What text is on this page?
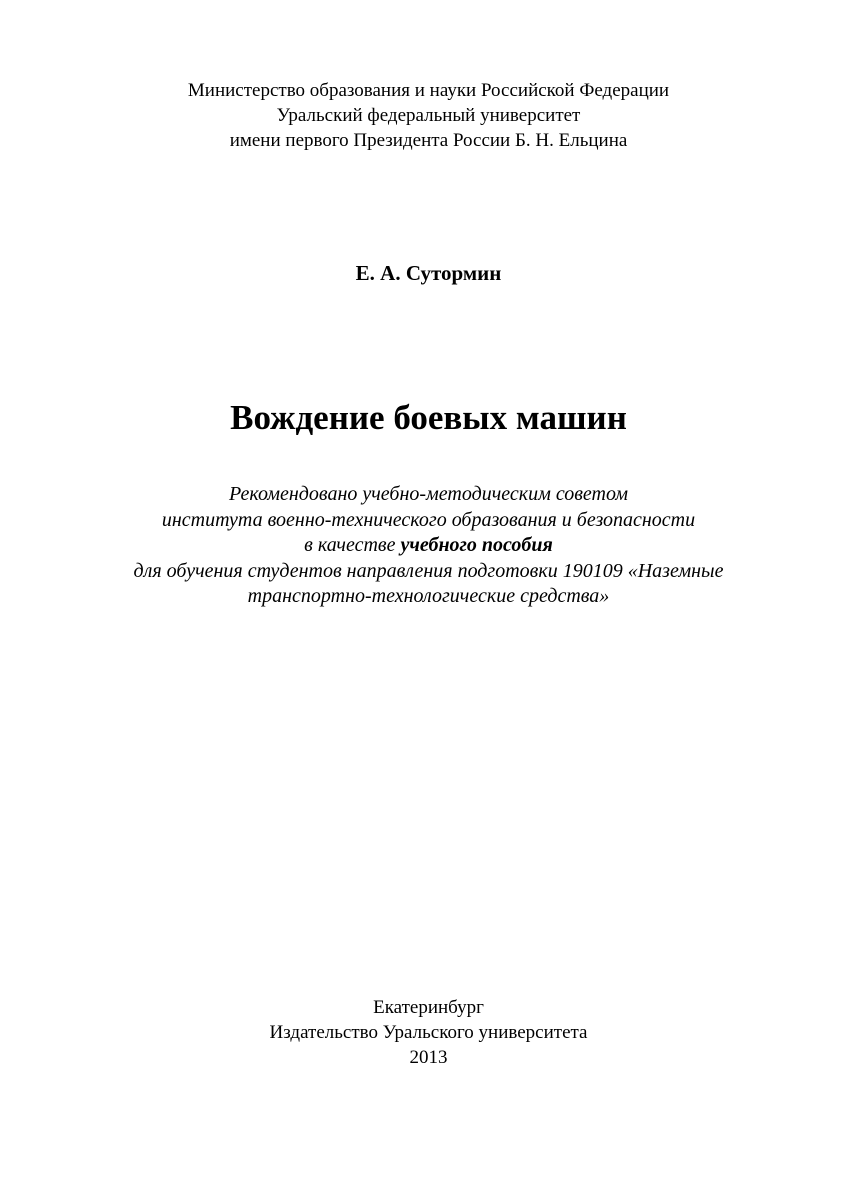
Министерство образования и науки Российской Федерации
Уральский федеральный университет
имени первого Президента России Б. Н. Ельцина
Е. А. Сутормин
Вождение боевых машин
Рекомендовано учебно-методическим советом
института военно-технического образования и безопасности
в качестве учебного пособия
для обучения студентов направления подготовки 190109 «Наземные
транспортно-технологические средства»
Екатеринбург
Издательство Уральского университета
2013
